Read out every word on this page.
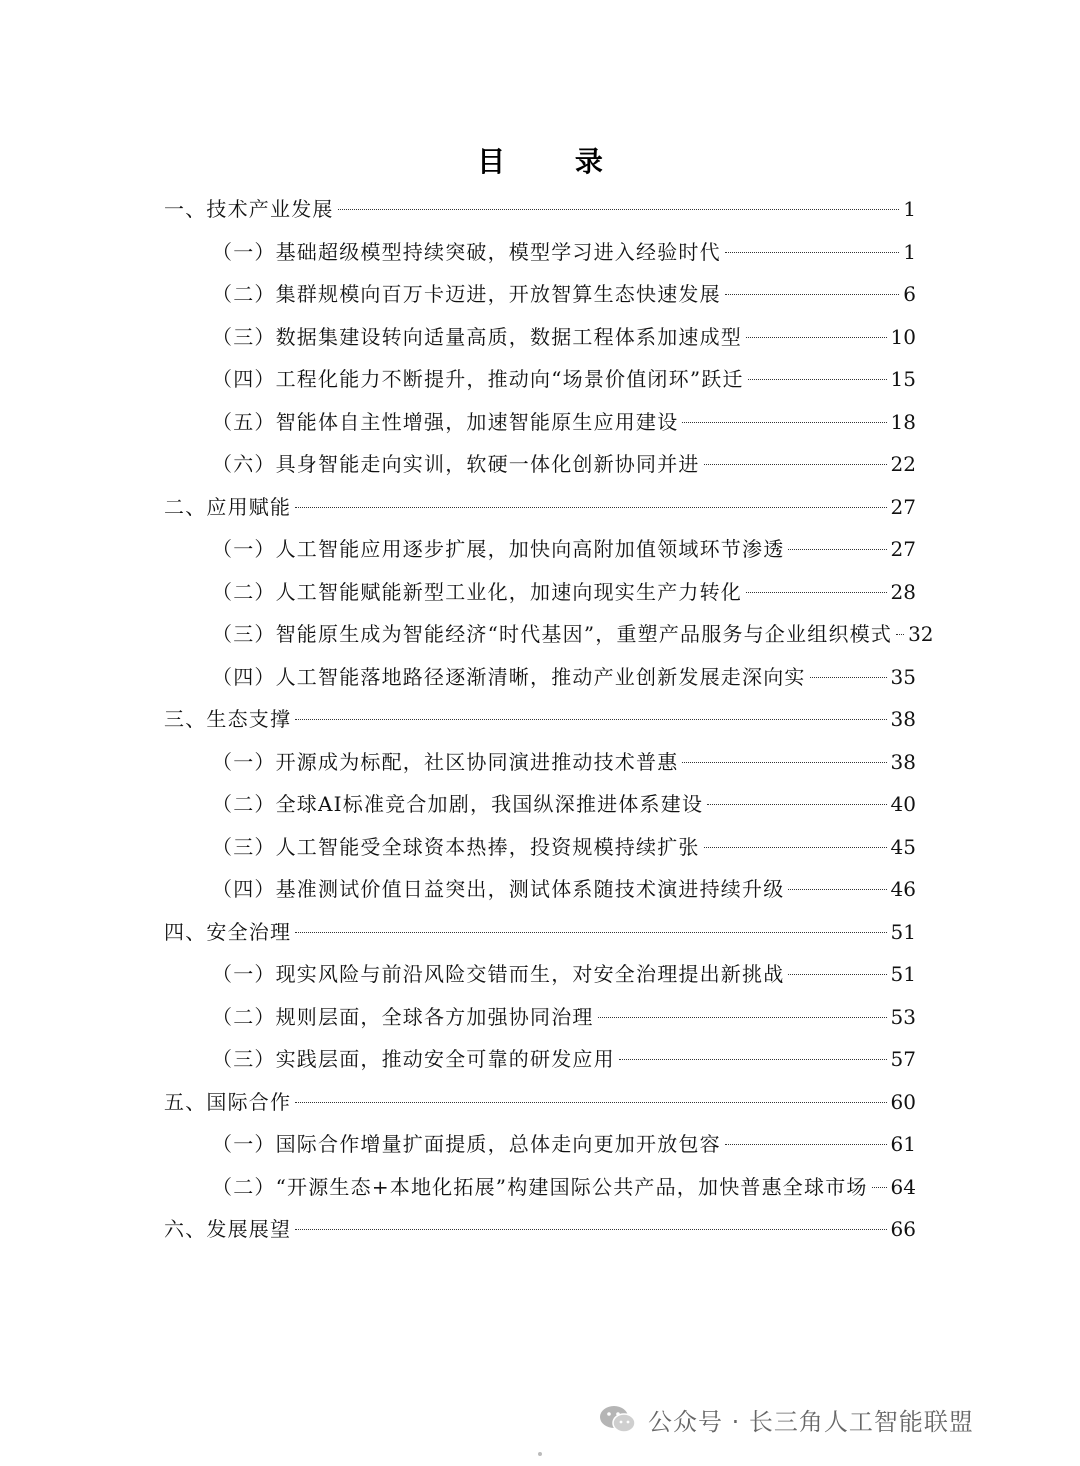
目 录
一、技术产业发展	1
（一）基础超级模型持续突破，模型学习进入经验时代	1
（二）集群规模向百万卡迈进，开放智算生态快速发展	6
（三）数据集建设转向适量高质，数据工程体系加速成型	10
（四）工程化能力不断提升，推动向“场景价值闭环”跃迁	15
（五）智能体自主性增强，加速智能原生应用建设	18
（六）具身智能走向实训，软硬一体化创新协同并进	22
二、应用赋能	27
（一）人工智能应用逐步扩展，加快向高附加值领域环节渗透	27
（二）人工智能赋能新型工业化，加速向现实生产力转化	28
（三）智能原生成为智能经济“时代基因”，重塑产品服务与企业组织模式 32
（四）人工智能落地路径逐渐清晰，推动产业创新发展走深向实	35
三、生态支撑	38
（一）开源成为标配，社区协同演进推动技术普惠	38
（二）全球AI标准竞合加剧，我国纵深推进体系建设	40
（三）人工智能受全球资本热捧，投资规模持续扩张	45
（四）基准测试价值日益突出，测试体系随技术演进持续升级	46
四、安全治理	51
（一）现实风险与前沿风险交错而生，对安全治理提出新挑战	51
（二）规则层面，全球各方加强协同治理	53
（三）实践层面，推动安全可靠的研发应用	57
五、国际合作	60
（一）国际合作增量扩面提质，总体走向更加开放包容	61
（二）“开源生态+本地化拓展”构建国际公共产品，加快普惠全球市场 64
六、发展展望	66
公众号 · 长三角人工智能联盟
